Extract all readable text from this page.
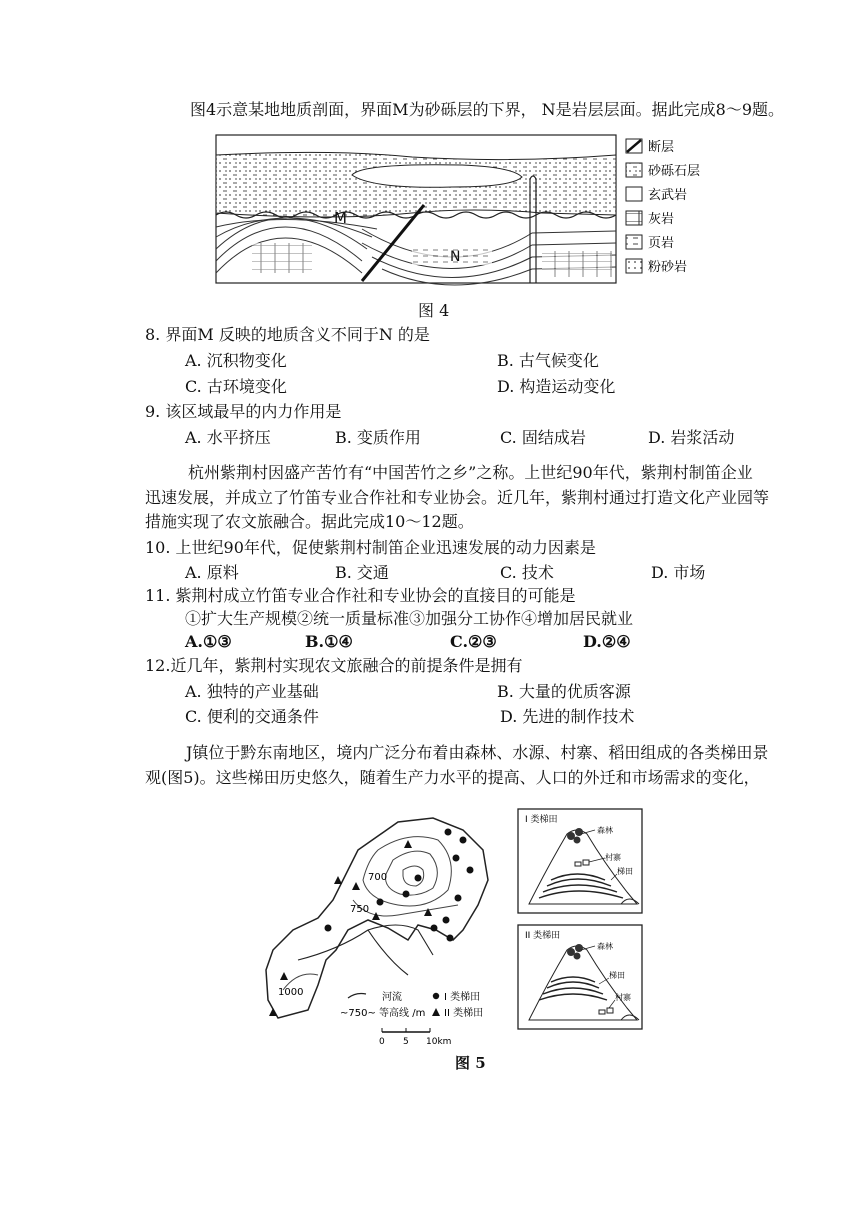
图4示意某地地质剖面，界面M为砂砾层的下界， N是岩层层面。据此完成8～9题。
M
N
断层
砂砾石层
玄武岩
灰岩
页岩
粉砂岩
图 4
8. 界面M 反映的地质含义不同于N 的是
A. 沉积物变化	B. 古气候变化
C. 古环境变化	D. 构造运动变化
9. 该区域最早的内力作用是
A. 水平挤压	B. 变质作用	C. 固结成岩	D. 岩浆活动
杭州紫荆村因盛产苦竹有“中国苦竹之乡”之称。上世纪90年代，紫荆村制笛企业
迅速发展，并成立了竹笛专业合作社和专业协会。近几年，紫荆村通过打造文化产业园等
措施实现了农文旅融合。据此完成10～12题。
10. 上世纪90年代，促使紫荆村制笛企业迅速发展的动力因素是
A. 原料	B. 交通	C. 技术	D. 市场
11. 紫荆村成立竹笛专业合作社和专业协会的直接目的可能是
①扩大生产规模②统一质量标准③加强分工协作④增加居民就业
A.①③	B.①④	C.②③	D.②④
12.近几年，紫荆村实现农文旅融合的前提条件是拥有
A. 独特的产业基础	B. 大量的优质客源
C. 便利的交通条件	D. 先进的制作技术
J镇位于黔东南地区，境内广泛分布着由森林、水源、村寨、稻田组成的各类梯田景
观(图5)。这些梯田历史悠久，随着生产力水平的提高、人口的外迁和市场需求的变化，
700
750
1000	河流	I 类梯田
~750~ 等高线 /m II 类梯田
0 5 10km
I 类梯田
森林
村寨
梯田
II 类梯田
森林
梯田
村寨
图 5
